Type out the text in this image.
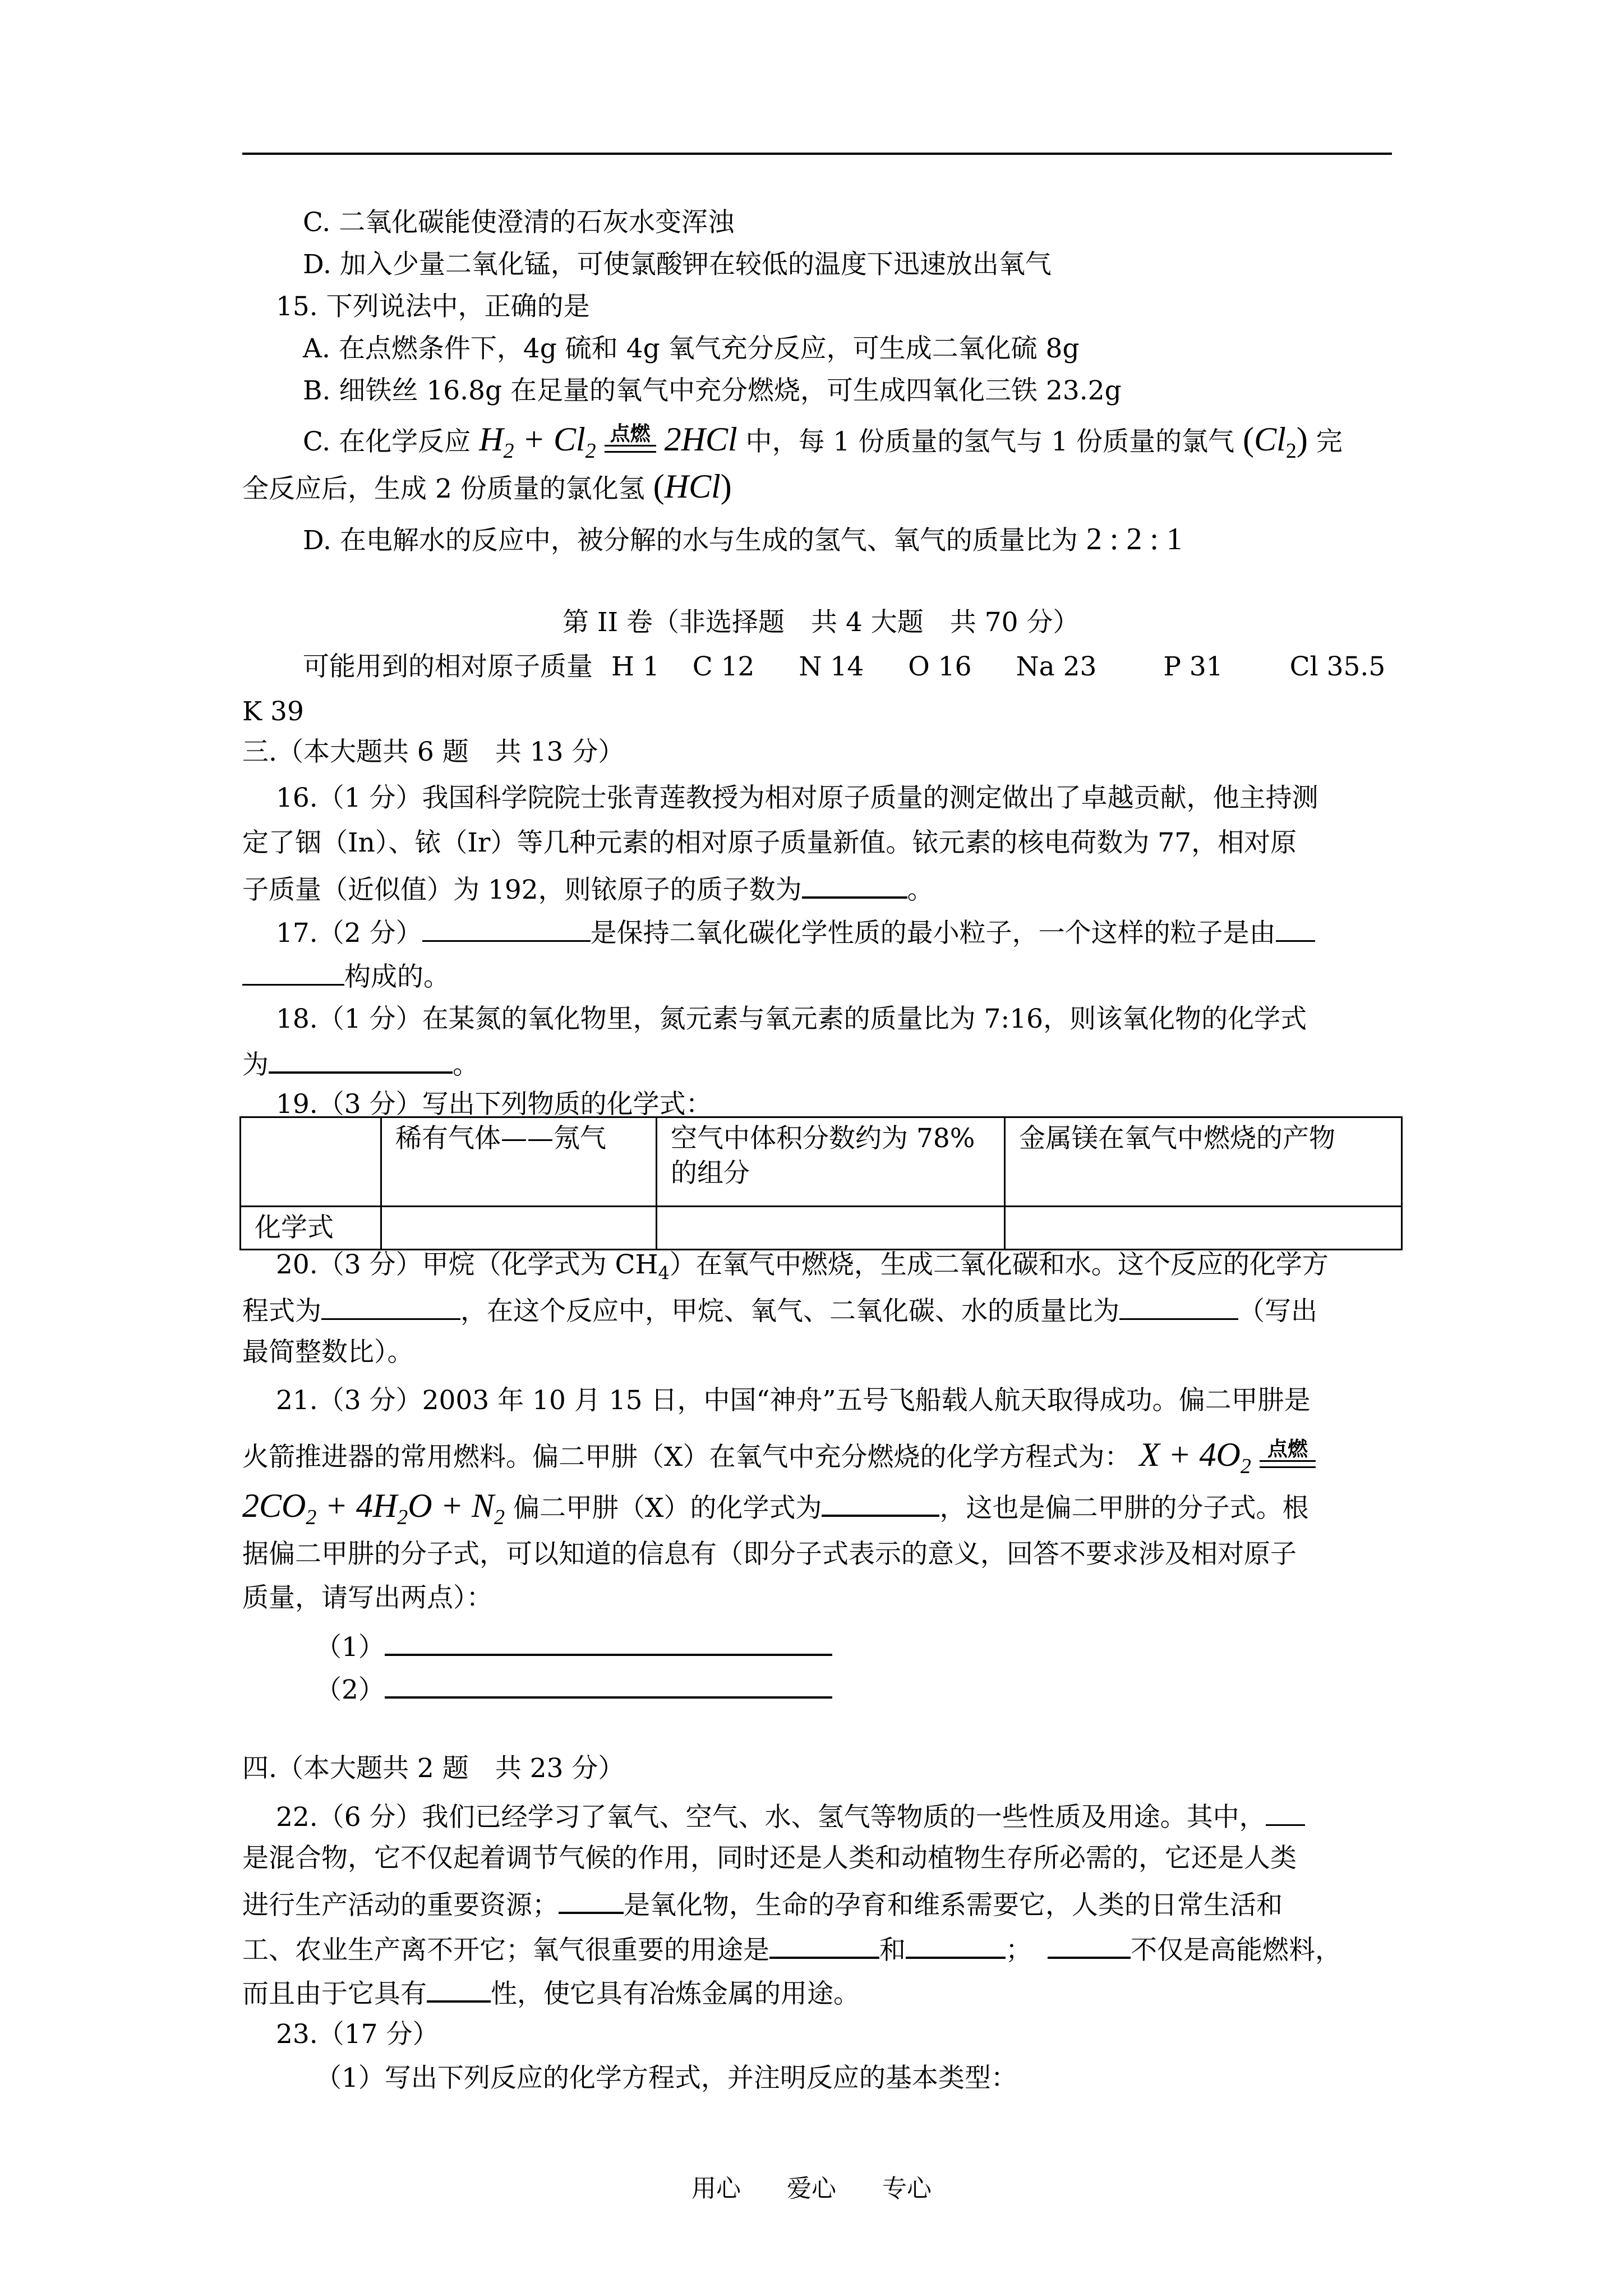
C. 二氧化碳能使澄清的石灰水变浑浊
D. 加入少量二氧化锰，可使氯酸钾在较低的温度下迅速放出氧气
15. 下列说法中，正确的是
A. 在点燃条件下，4g 硫和 4g 氧气充分反应，可生成二氧化硫 8g
B. 细铁丝 16.8g 在足量的氧气中充分燃烧，可生成四氧化三铁 23.2g
C. 在化学反应 $H_2 + Cl_2$
点燃 2HCl 中，每 1 份质量的氢气与 1 份质量的氯气 $(Cl_2)$ 完
全反应后，生成 2 份质量的氯化氢 (HCl)
D. 在电解水的反应中，被分解的水与生成的氢气、氧气的质量比为 2 : 2 : 1
第 II 卷（非选择题　共 4 大题　共 70 分）
可能用到的相对原子质量 H 1 C 12 N 14 O 16 Na 23	P 31	Cl 35.5
K 39
三.（本大题共 6 题　共 13 分）
16.（1 分）我国科学院院士张青莲教授为相对原子质量的测定做出了卓越贡献，他主持测
定了铟（In）、铱（Ir）等几种元素的相对原子质量新值。铱元素的核电荷数为 77，相对原
子质量（近似值）为 192，则铱原子的质子数为	。
17.（2 分）	是保持二氧化碳化学性质的最小粒子，一个这样的粒子是由
构成的。
18.（1 分）在某氮的氧化物里，氮元素与氧元素的质量比为 7:16，则该氧化物的化学式
为	。
19.（3 分）写出下列物质的化学式：
	稀有气体——氖气	空气中体积分数约为 78%的组分	金属镁在氧气中燃烧的产物
化学式			
20.（3 分）甲烷（化学式为 $CH_4$）在氧气中燃烧，生成二氧化碳和水。这个反应的化学方
程式为	，在这个反应中，甲烷、氧气、二氧化碳、水的质量比为	（写出
最简整数比）。
21.（3 分）2003 年 10 月 15 日，中国“神舟”五号飞船载人航天取得成功。偏二甲肼是
火箭推进器的常用燃料。偏二甲肼（X）在氧气中充分燃烧的化学方程式为： $X + 4O_2$
点燃
$2CO_2 + 4H_2O + N_2$ 偏二甲肼（X）的化学式为	，这也是偏二甲肼的分子式。根
据偏二甲肼的分子式，可以知道的信息有（即分子式表示的意义，回答不要求涉及相对原子
质量，请写出两点）：
（1）
（2）
四.（本大题共 2 题　共 23 分）
22.（6 分）我们已经学习了氧气、空气、水、氢气等物质的一些性质及用途。其中，
是混合物，它不仅起着调节气候的作用，同时还是人类和动植物生存所必需的，它还是人类
进行生产活动的重要资源； 是氧化物，生命的孕育和维系需要它，人类的日常生活和
工、农业生产离不开它；氧气很重要的用途是	和	；	不仅是高能燃料，
而且由于它具有 性，使它具有冶炼金属的用途。
23.（17 分）
（1）写出下列反应的化学方程式，并注明反应的基本类型：
用心 爱心 专心
